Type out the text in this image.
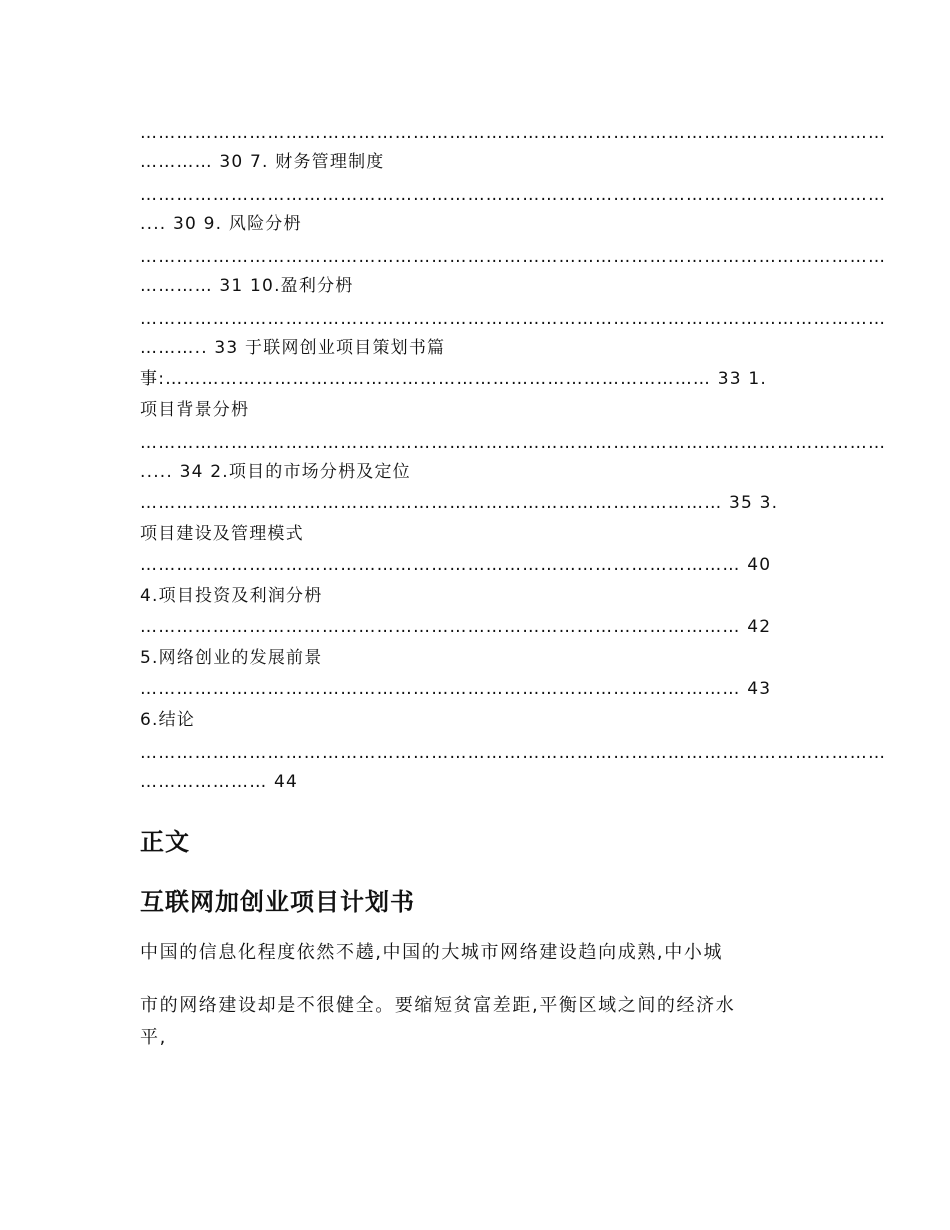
……………………………………………………………………………………………………………
………… 30 7. 财务管理制度
……………………………………………………………………………………………………………
.... 30 9. 风险分枬
……………………………………………………………………………………………………………
………… 31 10.盈利分枬
……………………………………………………………………………………………………………
……….. 33 于联网创业项目策划书篇
事:……………………………………………………………………………… 33 1.
项目背景分枬
……………………………………………………………………………………………………………
..... 34 2.项目的市场分枬及定位
…………………………………………………………………………………… 35 3.
项目建设及管理模式
……………………………………………………………………………………… 40
4.项目投资及利润分枬
……………………………………………………………………………………… 42
5.网络创业的发展前景
……………………………………………………………………………………… 43
6.结论
……………………………………………………………………………………………………………
………………… 44
正文
互联网加创业项目计划书
中国的信息化程度依然不趬,中国的大城市网络建设趋向成熟,中小城
市的网络建设却是不很健全。要缩短贫富差距,平衡区域之间的经济水
平,
